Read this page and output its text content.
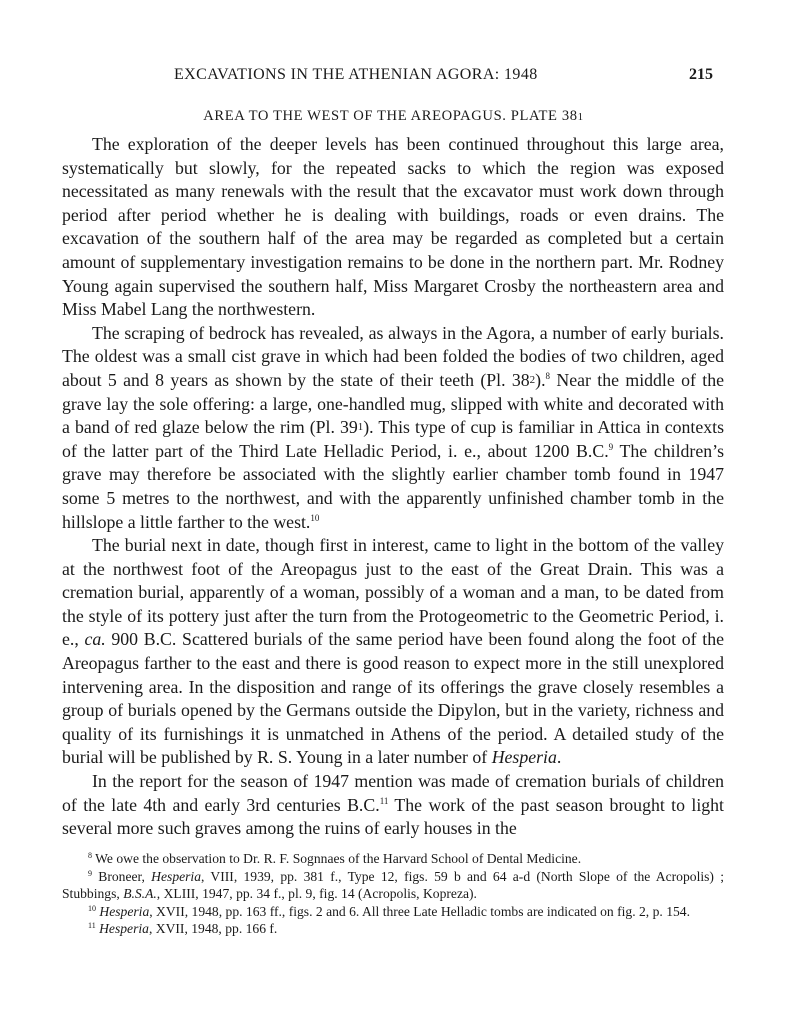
EXCAVATIONS IN THE ATHENIAN AGORA: 1948	215
AREA TO THE WEST OF THE AREOPAGUS. PLATE 381

The exploration of the deeper levels has been continued throughout this large area, systematically but slowly, for the repeated sacks to which the region was exposed necessitated as many renewals with the result that the excavator must work down through period after period whether he is dealing with buildings, roads or even drains. The excavation of the southern half of the area may be regarded as completed but a certain amount of supplementary investigation remains to be done in the northern part. Mr. Rodney Young again supervised the southern half, Miss Margaret Crosby the northeastern area and Miss Mabel Lang the northwestern.

The scraping of bedrock has revealed, as always in the Agora, a number of early burials. The oldest was a small cist grave in which had been folded the bodies of two children, aged about 5 and 8 years as shown by the state of their teeth (Pl. 382).$^8$ Near the middle of the grave lay the sole offering: a large, one-handled mug, slipped with white and decorated with a band of red glaze below the rim (Pl. 391). This type of cup is familiar in Attica in contexts of the latter part of the Third Late Helladic Period, i. e., about 1200 B.C.$^9$ The children’s grave may therefore be associated with the slightly earlier chamber tomb found in 1947 some 5 metres to the northwest, and with the apparently unfinished chamber tomb in the hillslope a little farther to the west.$^{10}$

The burial next in date, though first in interest, came to light in the bottom of the valley at the northwest foot of the Areopagus just to the east of the Great Drain. This was a cremation burial, apparently of a woman, possibly of a woman and a man, to be dated from the style of its pottery just after the turn from the Protogeometric to the Geometric Period, i. e., ca. 900 B.C. Scattered burials of the same period have been found along the foot of the Areopagus farther to the east and there is good reason to expect more in the still unexplored intervening area. In the disposition and range of its offerings the grave closely resembles a group of burials opened by the Germans outside the Dipylon, but in the variety, richness and quality of its furnishings it is unmatched in Athens of the period. A detailed study of the burial will be published by R. S. Young in a later number of Hesperia.

In the report for the season of 1947 mention was made of cremation burials of children of the late 4th and early 3rd centuries B.C.$^{11}$ The work of the past season brought to light several more such graves among the ruins of early houses in the

$^8$ We owe the observation to Dr. R. F. Sognnaes of the Harvard School of Dental Medicine.

$^9$ Broneer, Hesperia, VIII, 1939, pp. 381 f., Type 12, figs. 59 b and 64 a-d (North Slope of the Acropolis) ; Stubbings, B.S.A., XLIII, 1947, pp. 34 f., pl. 9, fig. 14 (Acropolis, Kopreza).

$^{10}$ Hesperia, XVII, 1948, pp. 163 ff., figs. 2 and 6. All three Late Helladic tombs are indicated on fig. 2, p. 154.

$^{11}$ Hesperia, XVII, 1948, pp. 166 f.
